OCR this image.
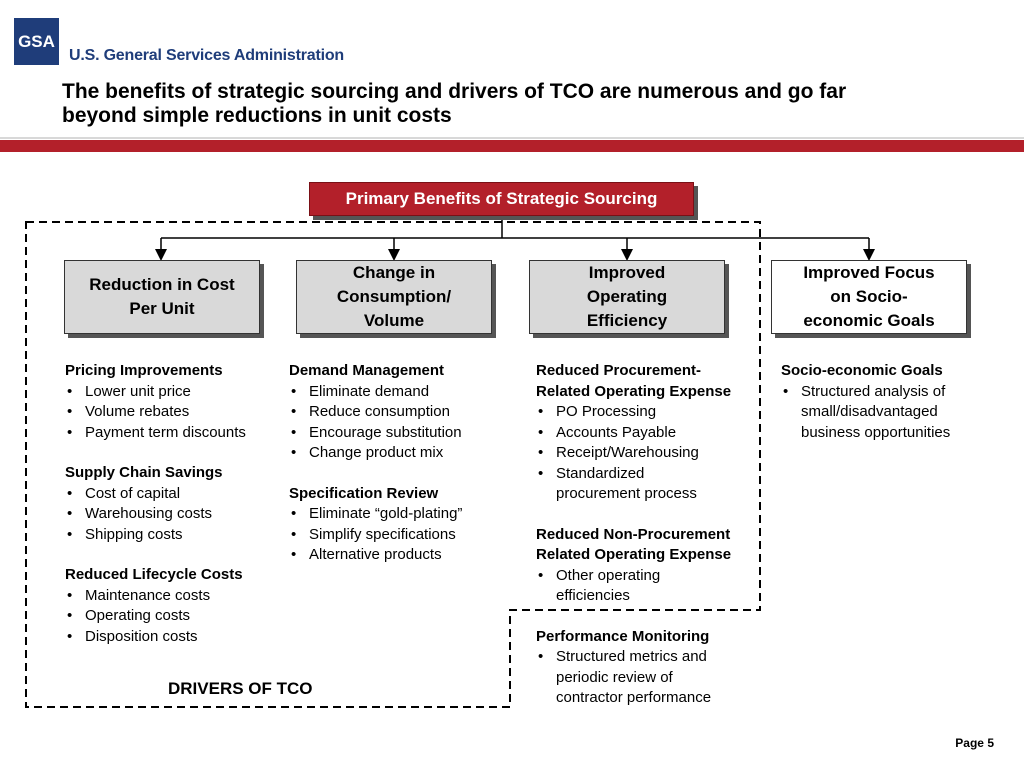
GSA
U.S. General Services Administration
The benefits of strategic sourcing and drivers of TCO are numerous and go far
beyond simple reductions in unit costs
Primary Benefits of Strategic Sourcing
Reduction in Cost
Per Unit
Change in
Consumption/
Volume
Improved
Operating
Efficiency
Improved Focus
on Socio-
economic Goals
Pricing Improvements
• Lower unit price
• Volume rebates
• Payment term discounts
Supply Chain Savings
• Cost of capital
• Warehousing costs
• Shipping costs
Reduced Lifecycle Costs
• Maintenance costs
• Operating costs
• Disposition costs
Demand Management
• Eliminate demand
• Reduce consumption
• Encourage substitution
• Change product mix
Specification Review
• Eliminate “gold-plating”
• Simplify specifications
• Alternative products
Reduced Procurement-
Related Operating Expense
• PO Processing
• Accounts Payable
• Receipt/Warehousing
• Standardized
procurement process
Reduced Non-Procurement
Related Operating Expense
• Other operating
efficiencies
Performance Monitoring
• Structured metrics and
periodic review of
contractor performance
Socio-economic Goals
• Structured analysis of
small/disadvantaged
business opportunities
DRIVERS OF TCO
Page 5
